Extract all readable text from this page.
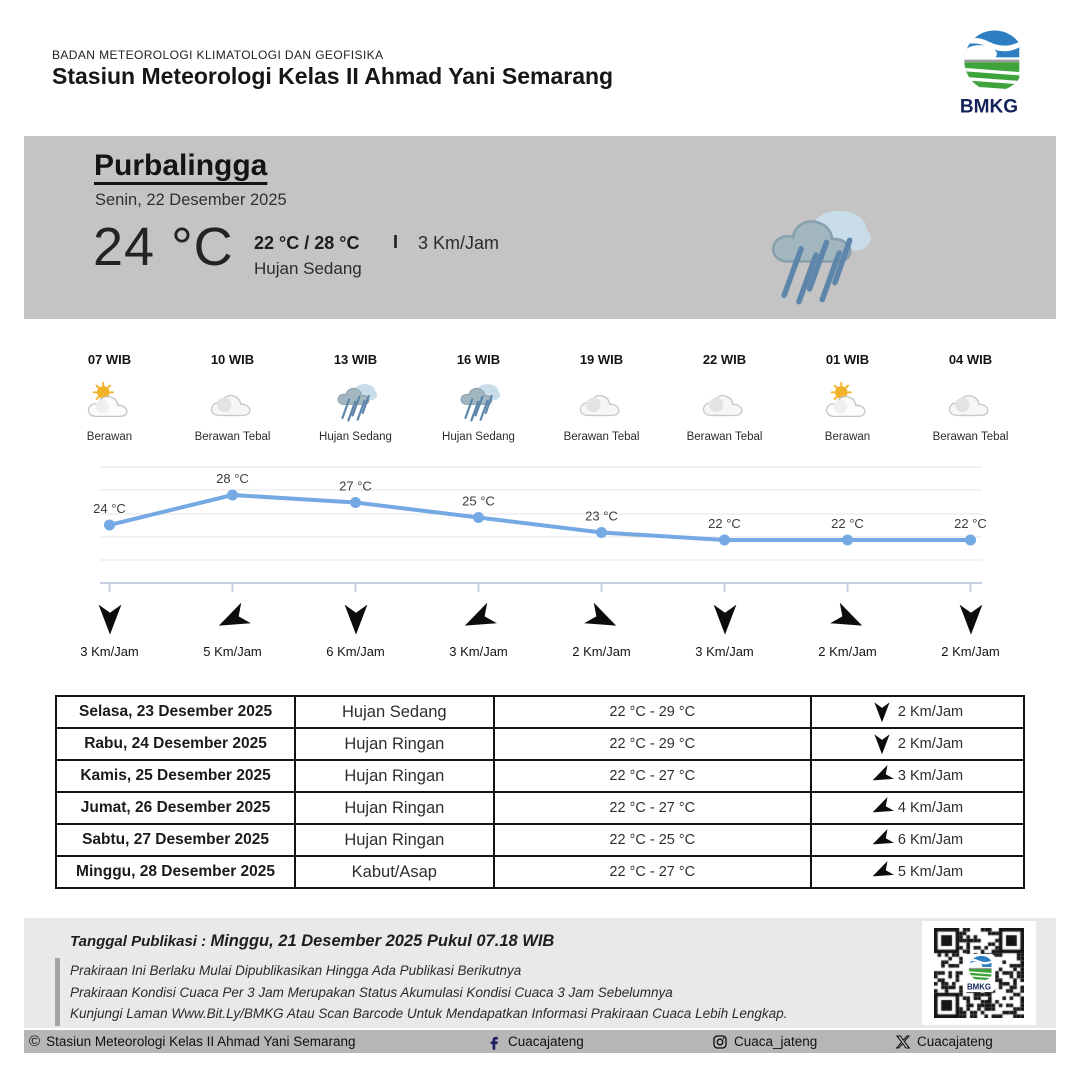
BADAN METEOROLOGI KLIMATOLOGI DAN GEOFISIKA
Stasiun Meteorologi Kelas II Ahmad Yani Semarang
BMKG
Purbalingga
Senin, 22 Desember 2025
24 °C 22 °C / 28 °C
Hujan Sedang
I 3 Km/Jam
07 WIB
Berawan
10 WIB
Berawan Tebal
13 WIB
Hujan Sedang
16 WIB
Hujan Sedang
19 WIB
Berawan Tebal
22 WIB
Berawan Tebal
01 WIB
Berawan
04 WIB
Berawan Tebal
24 °C
28 °C	27 °C
25 °C
23 °C	22 °C	22 °C	22 °C
3 Km/Jam	5 Km/Jam	6 Km/Jam	3 Km/Jam	2 Km/Jam	3 Km/Jam	2 Km/Jam	2 Km/Jam
Selasa, 23 Desember 2025	Hujan Sedang	22 °C - 29 °C	2 Km/Jam

Rabu, 24 Desember 2025	Hujan Ringan	22 °C - 29 °C	2 Km/Jam

Kamis, 25 Desember 2025	Hujan Ringan	22 °C - 27 °C	3 Km/Jam

Jumat, 26 Desember 2025	Hujan Ringan	22 °C - 27 °C	4 Km/Jam

Sabtu, 27 Desember 2025	Hujan Ringan	22 °C - 25 °C	6 Km/Jam

Minggu, 28 Desember 2025	Kabut/Asap	22 °C - 27 °C	5 Km/Jam
Tanggal Publikasi : Minggu, 21 Desember 2025 Pukul 07.18 WIB
Prakiraan Ini Berlaku Mulai Dipublikasikan Hingga Ada Publikasi Berikutnya
Prakiraan Kondisi Cuaca Per 3 Jam Merupakan Status Akumulasi Kondisi Cuaca 3 Jam Sebelumnya
Kunjungi Laman Www.Bit.Ly/BMKG Atau Scan Barcode Untuk Mendapatkan Informasi Prakiraan Cuaca Lebih Lengkap.
BMKG
© Stasiun Meteorologi Kelas II Ahmad Yani Semarang	Cuacajateng	Cuaca_jateng	Cuacajateng
